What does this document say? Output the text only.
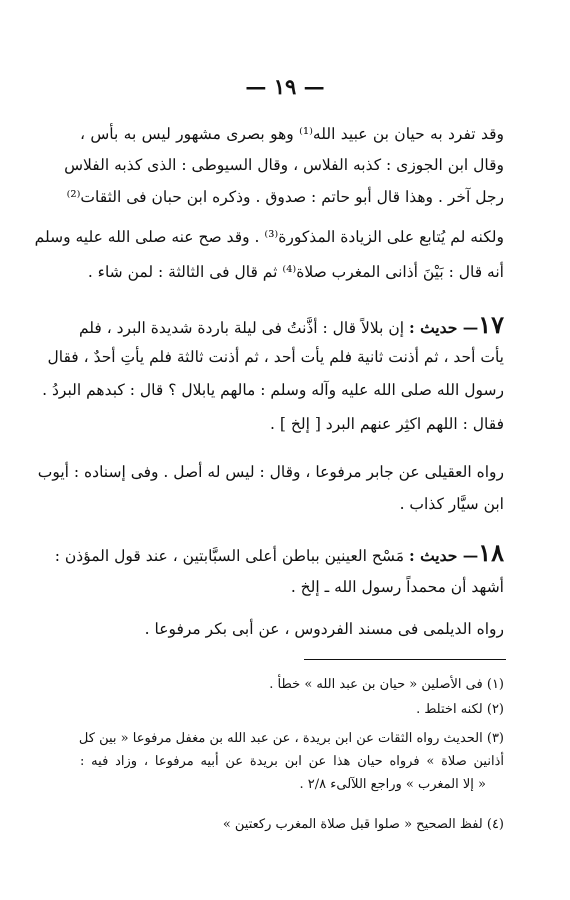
— ١٩ —
وقد تفرد به حيان بن عبيد الله⁽¹⁾ وهو بصرى مشهور ليس به بأس ،
وقال ابن الجوزى : كذبه الفلاس ، وقال السيوطى : الذى كذبه الفلاس
رجل آخر . وهذا قال أبو حاتم : صدوق . وذكره ابن حبان فى الثقات⁽²⁾
ولكنه لم يُتابع على الزيادة المذكورة⁽³⁾ . وقد صح عنه صلى الله عليه وسلم
أنه قال : بَيْنَ أذانى المغرب صلاة⁽⁴⁾ ثم قال فى الثالثة : لمن شاء .
١٧— حديث : إن بلالاً قال : أذَّنتُ فى ليلة باردة شديدة البرد ، فلم
يأت أحد ، ثم أذنت ثانية فلم يأت أحد ، ثم أذنت ثالثة فلم يأتِ أحدٌ ، فقال
رسول الله صلى الله عليه وآله وسلم : مالهم يابلال ؟ قال : كبدهم البردُ .
فقال : اللهم اكثِر عنهم البرد [ إلخ ] .
رواه العقيلى عن جابر مرفوعا ، وقال : ليس له أصل . وفى إسناده : أيوب
ابن سيَّار كذاب .
١٨— حديث : مَسْح العينين بباطن أعلى السبَّابتين ، عند قول المؤذن :
أشهد أن محمداً رسول الله ـ إلخ .
رواه الديلمى فى مسند الفردوس ، عن أبى بكر مرفوعا .
(١) فى الأصلين « حيان بن عبد الله » خطأ .
(٢) لكنه اختلط .
(٣) الحديث رواه الثقات عن ابن بريدة ، عن عبد الله بن مغفل مرفوعا « بين كل
أذانين صلاة » فرواه حيان هذا عن ابن بريدة عن أبيه مرفوعا ، وزاد فيه :
« إلا المغرب » وراجع اللآلىء ٢/٨ .
(٤) لفظ الصحيح « صلوا قبل صلاة المغرب ركعتين »
